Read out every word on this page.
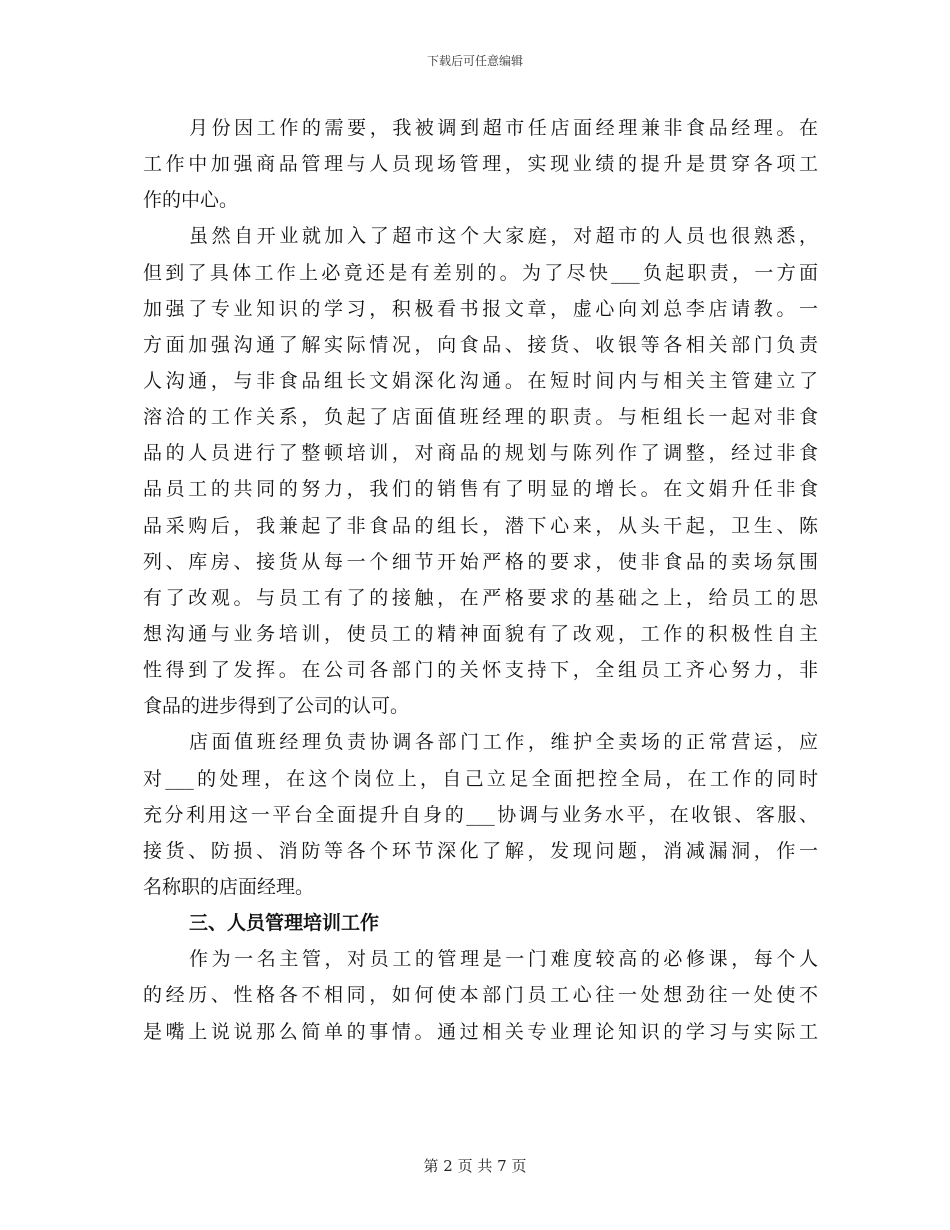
下载后可任意编辑
月份因工作的需要，我被调到超市任店面经理兼非食品经理。在
工作中加强商品管理与人员现场管理，实现业绩的提升是贯穿各项工
作的中心。
虽然自开业就加入了超市这个大家庭，对超市的人员也很熟悉，
但到了具体工作上必竟还是有差别的。为了尽快___负起职责，一方面
加强了专业知识的学习，积极看书报文章，虚心向刘总李店请教。一
方面加强沟通了解实际情况，向食品、接货、收银等各相关部门负责
人沟通，与非食品组长文娟深化沟通。在短时间内与相关主管建立了
溶洽的工作关系，负起了店面值班经理的职责。与柜组长一起对非食
品的人员进行了整顿培训，对商品的规划与陈列作了调整，经过非食
品员工的共同的努力，我们的销售有了明显的增长。在文娟升任非食
品采购后，我兼起了非食品的组长，潜下心来，从头干起，卫生、陈
列、库房、接货从每一个细节开始严格的要求，使非食品的卖场氛围
有了改观。与员工有了的接触，在严格要求的基础之上，给员工的思
想沟通与业务培训，使员工的精神面貌有了改观，工作的积极性自主
性得到了发挥。在公司各部门的关怀支持下，全组员工齐心努力，非
食品的进步得到了公司的认可。
店面值班经理负责协调各部门工作，维护全卖场的正常营运，应
对___的处理，在这个岗位上，自己立足全面把控全局，在工作的同时
充分利用这一平台全面提升自身的___协调与业务水平，在收银、客服、
接货、防损、消防等各个环节深化了解，发现问题，消减漏洞，作一
名称职的店面经理。
三、人员管理培训工作
作为一名主管，对员工的管理是一门难度较高的必修课，每个人
的经历、性格各不相同，如何使本部门员工心往一处想劲往一处使不
是嘴上说说那么简单的事情。通过相关专业理论知识的学习与实际工
第 2 页 共 7 页
